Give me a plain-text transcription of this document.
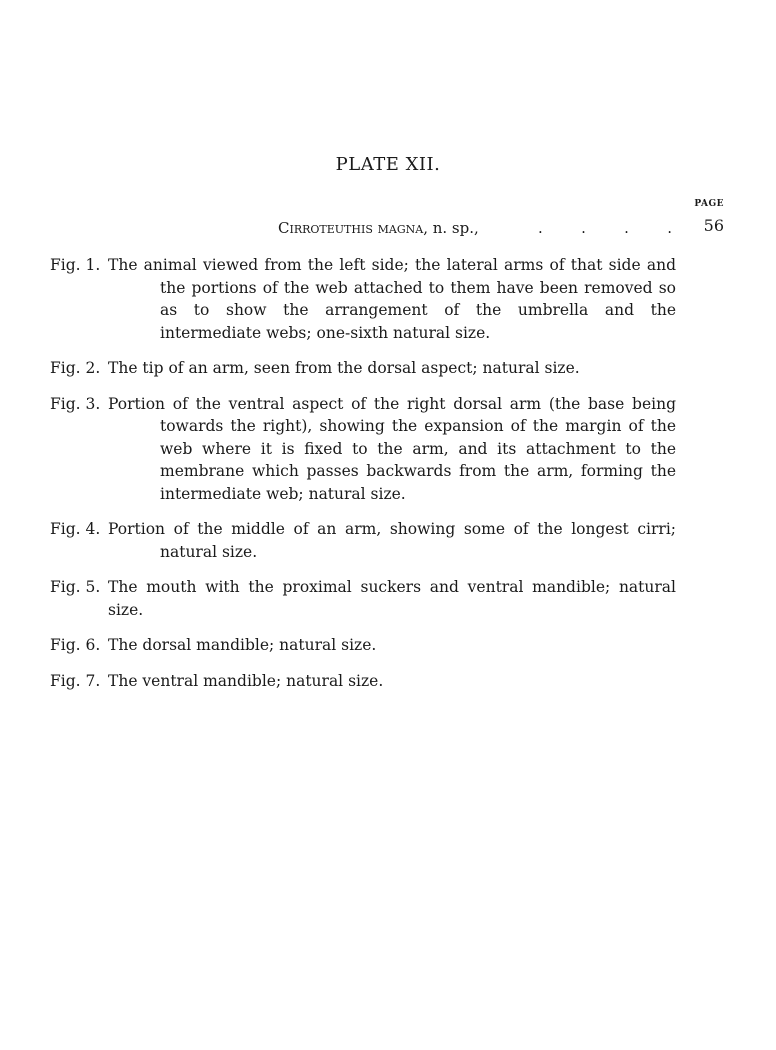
PLATE XII.
PAGE
Cirroteuthis magna, n. sp.,	.	.	.	. 56
Fig. 1. The animal viewed from the left side; the lateral arms of that side and the portions of the web attached to them have been removed so as to show the arrangement of the umbrella and the intermediate webs; one-sixth natural size.
Fig. 2. The tip of an arm, seen from the dorsal aspect; natural size.
Fig. 3. Portion of the ventral aspect of the right dorsal arm (the base being towards the right), showing the expansion of the margin of the web where it is fixed to the arm, and its attachment to the membrane which passes backwards from the arm, forming the intermediate web; natural size.
Fig. 4. Portion of the middle of an arm, showing some of the longest cirri; natural size.
Fig. 5. The mouth with the proximal suckers and ventral mandible; natural size.
Fig. 6. The dorsal mandible; natural size.
Fig. 7. The ventral mandible; natural size.
